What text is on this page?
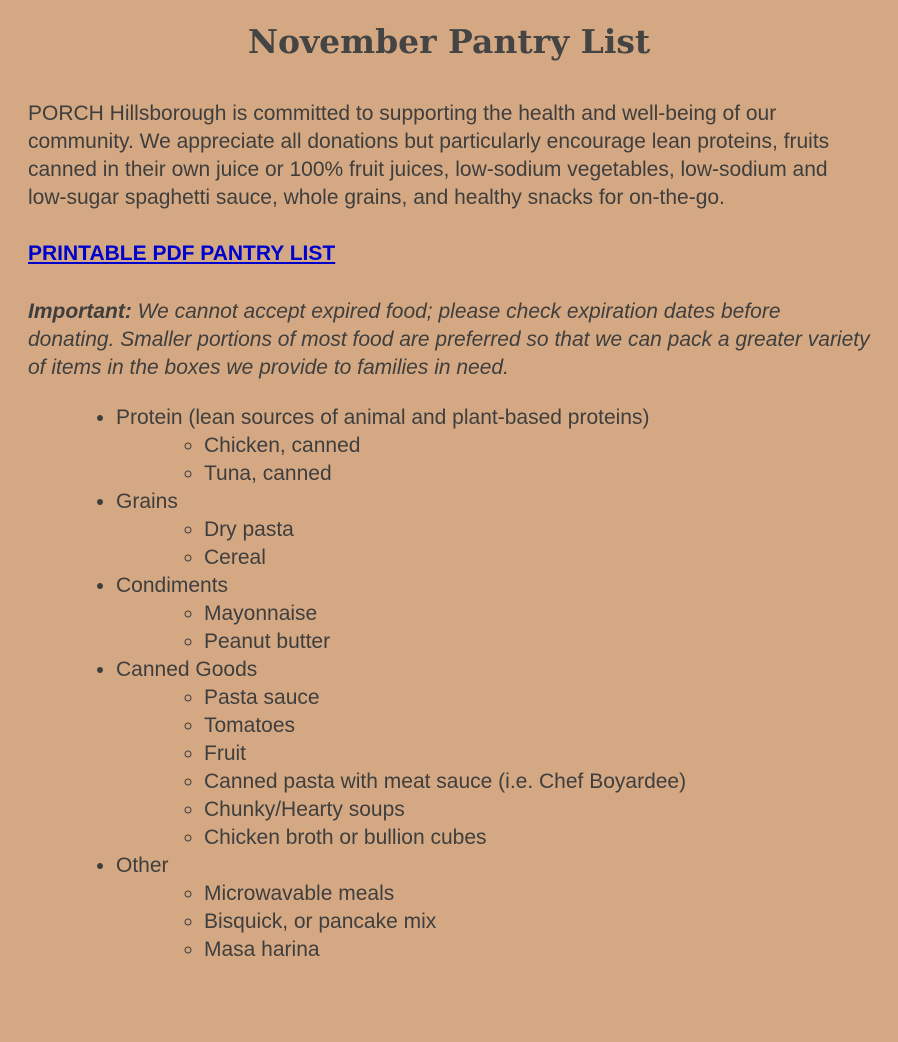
November Pantry List

PORCH Hillsborough is committed to supporting the health and well-being of our community. We appreciate all donations but particularly encourage lean proteins, fruits canned in their own juice or 100% fruit juices, low-sodium vegetables, low-sodium and low-sugar spaghetti sauce, whole grains, and healthy snacks for on-the-go.

PRINTABLE PDF PANTRY LIST

Important: We cannot accept expired food; please check expiration dates before donating. Smaller portions of most food are preferred so that we can pack a greater variety of items in the boxes we provide to families in need.

• Protein (lean sources of animal and plant-based proteins)
◦ Chicken, canned
◦ Tuna, canned
• Grains
◦ Dry pasta
◦ Cereal
• Condiments
◦ Mayonnaise
◦ Peanut butter
• Canned Goods
◦ Pasta sauce
◦ Tomatoes
◦ Fruit
◦ Canned pasta with meat sauce (i.e. Chef Boyardee)
◦ Chunky/Hearty soups
◦ Chicken broth or bullion cubes
• Other
◦ Microwavable meals
◦ Bisquick, or pancake mix
◦ Masa harina
